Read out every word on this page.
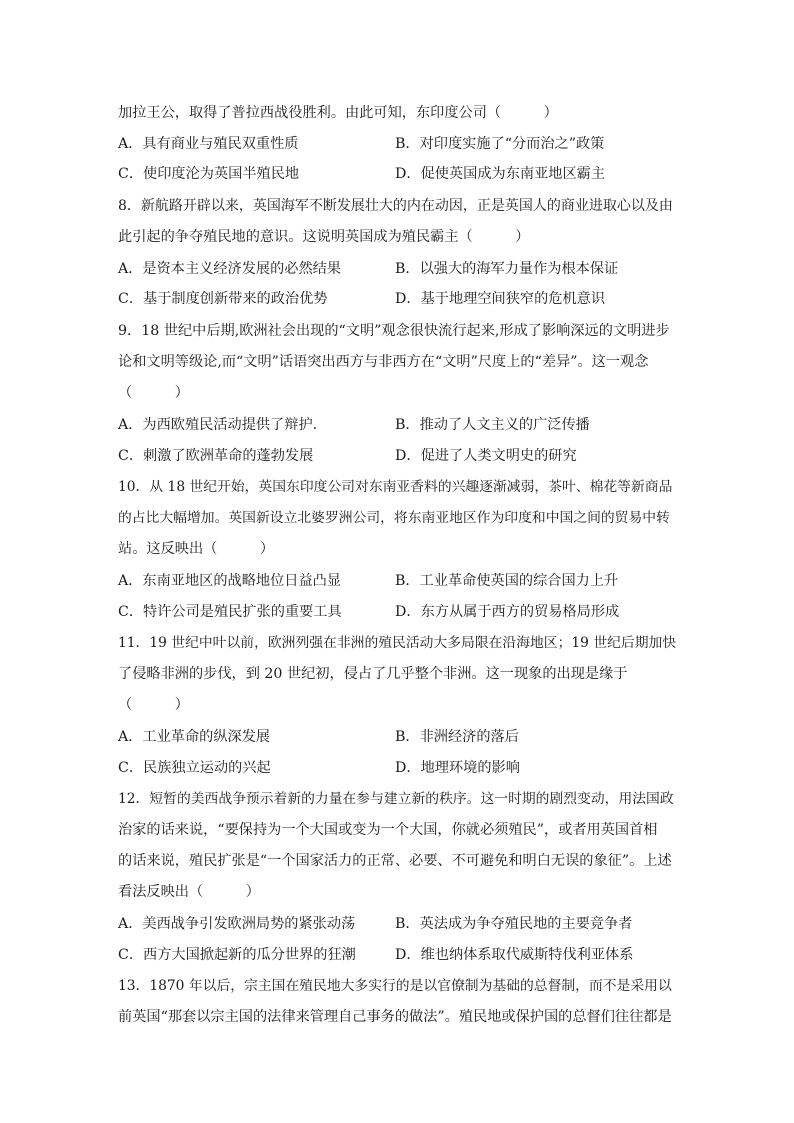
加拉王公，取得了普拉西战役胜利。由此可知，东印度公司（　　　）
A．具有商业与殖民双重性质	B．对印度实施了“分而治之”政策
C．使印度沦为英国半殖民地	D．促使英国成为东南亚地区霸主
8．新航路开辟以来，英国海军不断发展壮大的内在动因，正是英国人的商业进取心以及由
此引起的争夺殖民地的意识。这说明英国成为殖民霸主（　　　）
A．是资本主义经济发展的必然结果	B．以强大的海军力量作为根本保证
C．基于制度创新带来的政治优势	D．基于地理空间狭窄的危机意识
9．18 世纪中后期,欧洲社会出现的“文明”观念很快流行起来,形成了影响深远的文明进步
论和文明等级论,而“文明”话语突出西方与非西方在“文明”尺度上的“差异”。这一观念
（　　　）
A．为西欧殖民活动提供了辩护.	B．推动了人文主义的广泛传播
C．刺激了欧洲革命的蓬勃发展	D．促进了人类文明史的研究
10．从 18 世纪开始，英国东印度公司对东南亚香料的兴趣逐渐减弱，茶叶、棉花等新商品
的占比大幅增加。英国新设立北婆罗洲公司，将东南亚地区作为印度和中国之间的贸易中转
站。这反映出（　　　）
A．东南亚地区的战略地位日益凸显	B．工业革命使英国的综合国力上升
C．特许公司是殖民扩张的重要工具	D．东方从属于西方的贸易格局形成
11．19 世纪中叶以前，欧洲列强在非洲的殖民活动大多局限在沿海地区；19 世纪后期加快
了侵略非洲的步伐，到 20 世纪初，侵占了几乎整个非洲。这一现象的出现是缘于
（　　　）
A．工业革命的纵深发展	B．非洲经济的落后
C．民族独立运动的兴起	D．地理环境的影响
12．短暂的美西战争预示着新的力量在参与建立新的秩序。这一时期的剧烈变动，用法国政
治家的话来说，“要保持为一个大国或变为一个大国，你就必须殖民”，或者用英国首相
的话来说，殖民扩张是“一个国家活力的正常、必要、不可避免和明白无误的象征”。上述
看法反映出（　　　）
A．美西战争引发欧洲局势的紧张动荡	B．英法成为争夺殖民地的主要竞争者
C．西方大国掀起新的瓜分世界的狂潮	D．维也纳体系取代威斯特伐利亚体系
13．1870 年以后，宗主国在殖民地大多实行的是以官僚制为基础的总督制，而不是采用以
前英国“那套以宗主国的法律来管理自己事务的做法”。殖民地或保护国的总督们往往都是
